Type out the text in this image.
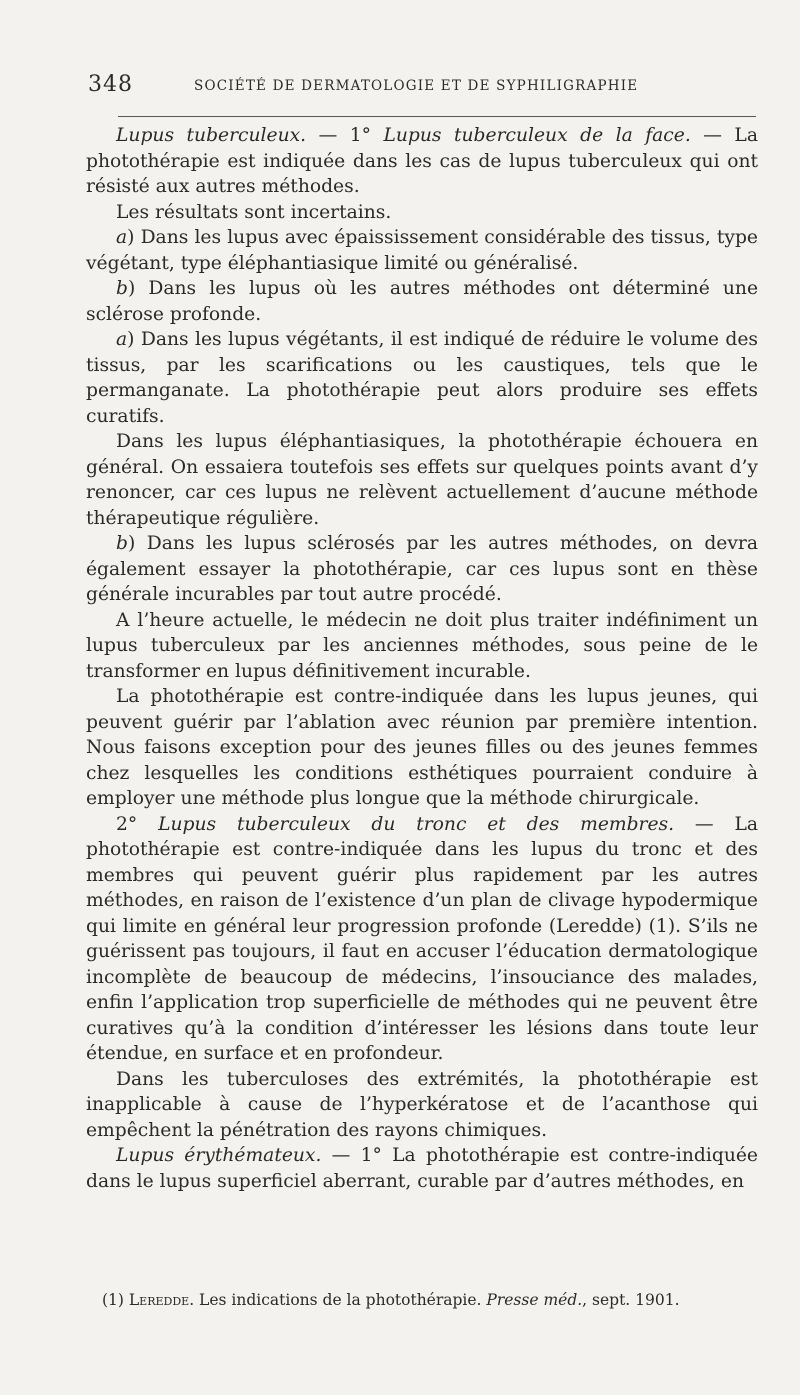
348	SOCIÉTÉ DE DERMATOLOGIE ET DE SYPHILIGRAPHIE

Lupus tuberculeux. — 1° Lupus tuberculeux de la face. — La photothérapie est indiquée dans les cas de lupus tuberculeux qui ont résisté aux autres méthodes.

Les résultats sont incertains.

a) Dans les lupus avec épaississement considérable des tissus, type végétant, type éléphantiasique limité ou généralisé.

b) Dans les lupus où les autres méthodes ont déterminé une sclérose profonde.

a) Dans les lupus végétants, il est indiqué de réduire le volume des tissus, par les scarifications ou les caustiques, tels que le permanganate. La photothérapie peut alors produire ses effets curatifs.

Dans les lupus éléphantiasiques, la photothérapie échouera en général. On essaiera toutefois ses effets sur quelques points avant d’y renoncer, car ces lupus ne relèvent actuellement d’aucune méthode thérapeutique régulière.

b) Dans les lupus sclérosés par les autres méthodes, on devra également essayer la photothérapie, car ces lupus sont en thèse générale incurables par tout autre procédé.

A l’heure actuelle, le médecin ne doit plus traiter indéfiniment un lupus tuberculeux par les anciennes méthodes, sous peine de le transformer en lupus définitivement incurable.

La photothérapie est contre-indiquée dans les lupus jeunes, qui peuvent guérir par l’ablation avec réunion par première intention. Nous faisons exception pour des jeunes filles ou des jeunes femmes chez lesquelles les conditions esthétiques pourraient conduire à employer une méthode plus longue que la méthode chirurgicale.

2° Lupus tuberculeux du tronc et des membres. — La photothérapie est contre-indiquée dans les lupus du tronc et des membres qui peuvent guérir plus rapidement par les autres méthodes, en raison de l’existence d’un plan de clivage hypodermique qui limite en général leur progression profonde (Leredde) (1). S’ils ne guérissent pas toujours, il faut en accuser l’éducation dermatologique incomplète de beaucoup de médecins, l’insouciance des malades, enfin l’application trop superficielle de méthodes qui ne peuvent être curatives qu’à la condition d’intéresser les lésions dans toute leur étendue, en surface et en profondeur.

Dans les tuberculoses des extrémités, la photothérapie est inapplicable à cause de l’hyperkératose et de l’acanthose qui empêchent la pénétration des rayons chimiques.

Lupus érythémateux. — 1° La photothérapie est contre-indiquée dans le lupus superficiel aberrant, curable par d’autres méthodes, en

(1) Leredde. Les indications de la photothérapie. Presse méd., sept. 1901.
